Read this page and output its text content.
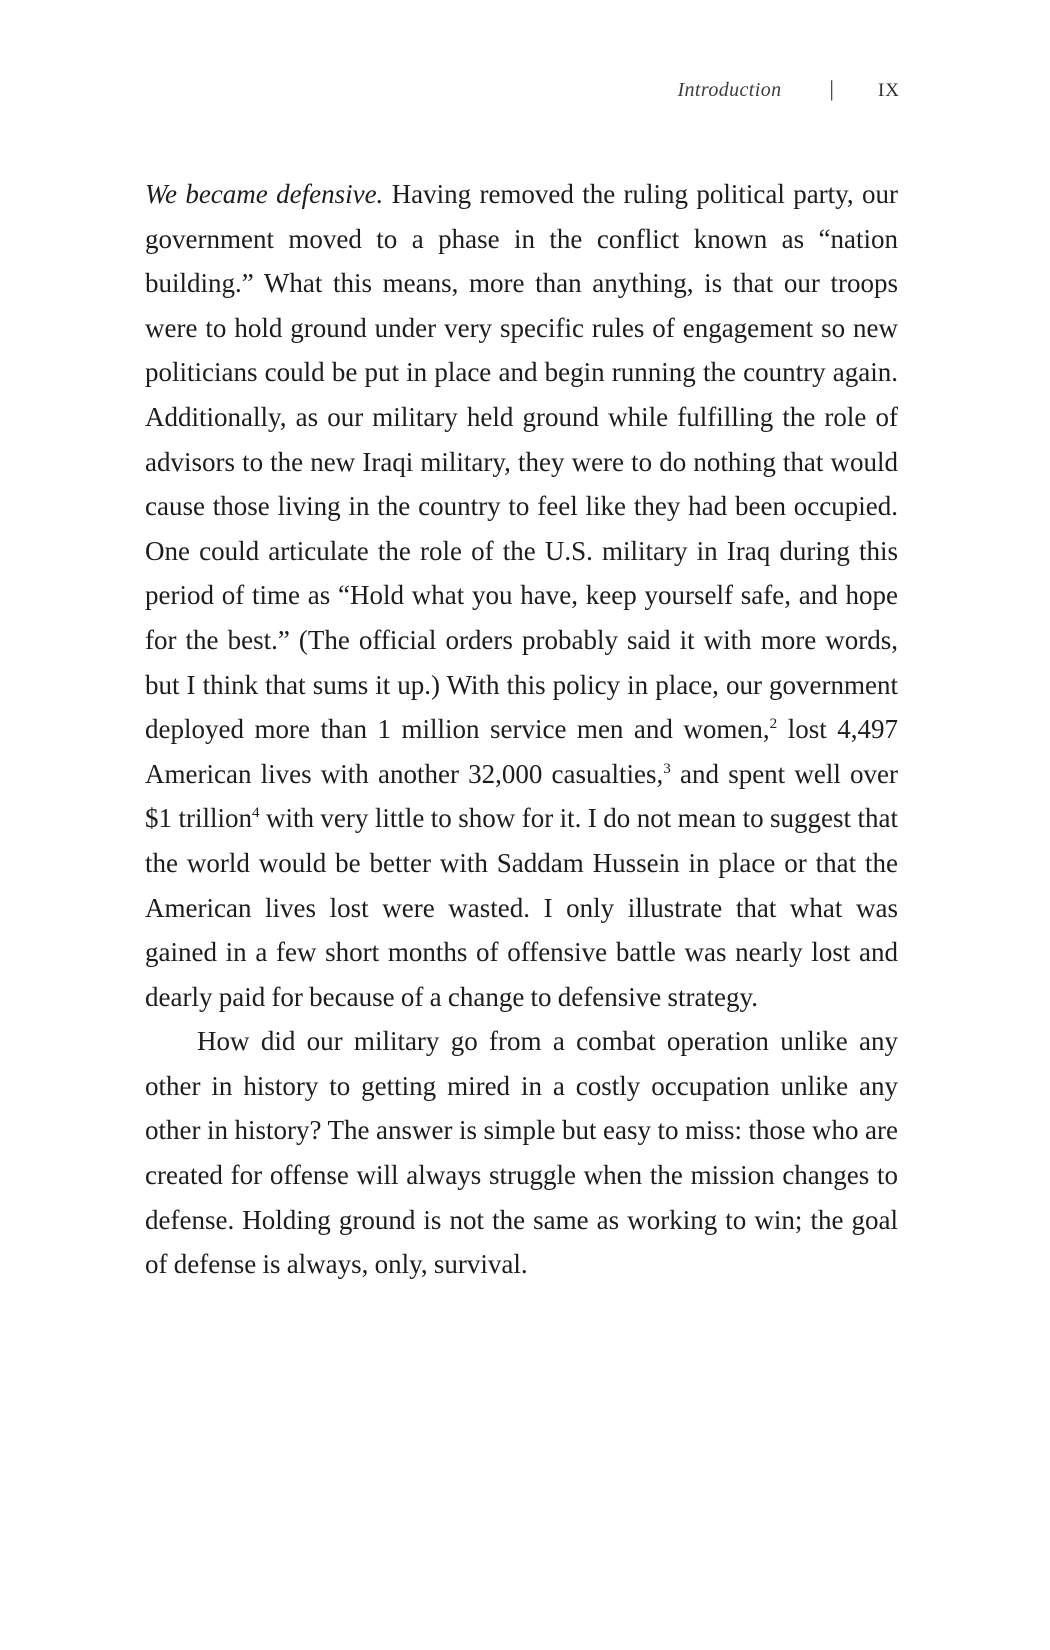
Introduction | IX

We became defensive. Having removed the ruling political party, our government moved to a phase in the conflict known as “nation building.” What this means, more than anything, is that our troops were to hold ground under very specific rules of engagement so new politicians could be put in place and begin running the country again. Additionally, as our military held ground while fulfilling the role of advisors to the new Iraqi military, they were to do nothing that would cause those living in the country to feel like they had been occupied. One could articulate the role of the U.S. military in Iraq during this period of time as “Hold what you have, keep yourself safe, and hope for the best.” (The official orders probably said it with more words, but I think that sums it up.) With this policy in place, our government deployed more than 1 million service men and women,$^2$ lost 4,497 American lives with another 32,000 casualties,$^3$ and spent well over $1 trillion$^4$ with very little to show for it. I do not mean to suggest that the world would be better with Saddam Hussein in place or that the American lives lost were wasted. I only illustrate that what was gained in a few short months of offensive battle was nearly lost and dearly paid for because of a change to defensive strategy.

How did our military go from a combat operation unlike any other in history to getting mired in a costly occupation unlike any other in history? The answer is simple but easy to miss: those who are created for offense will always struggle when the mission changes to defense. Holding ground is not the same as working to win; the goal of defense is always, only, survival.
